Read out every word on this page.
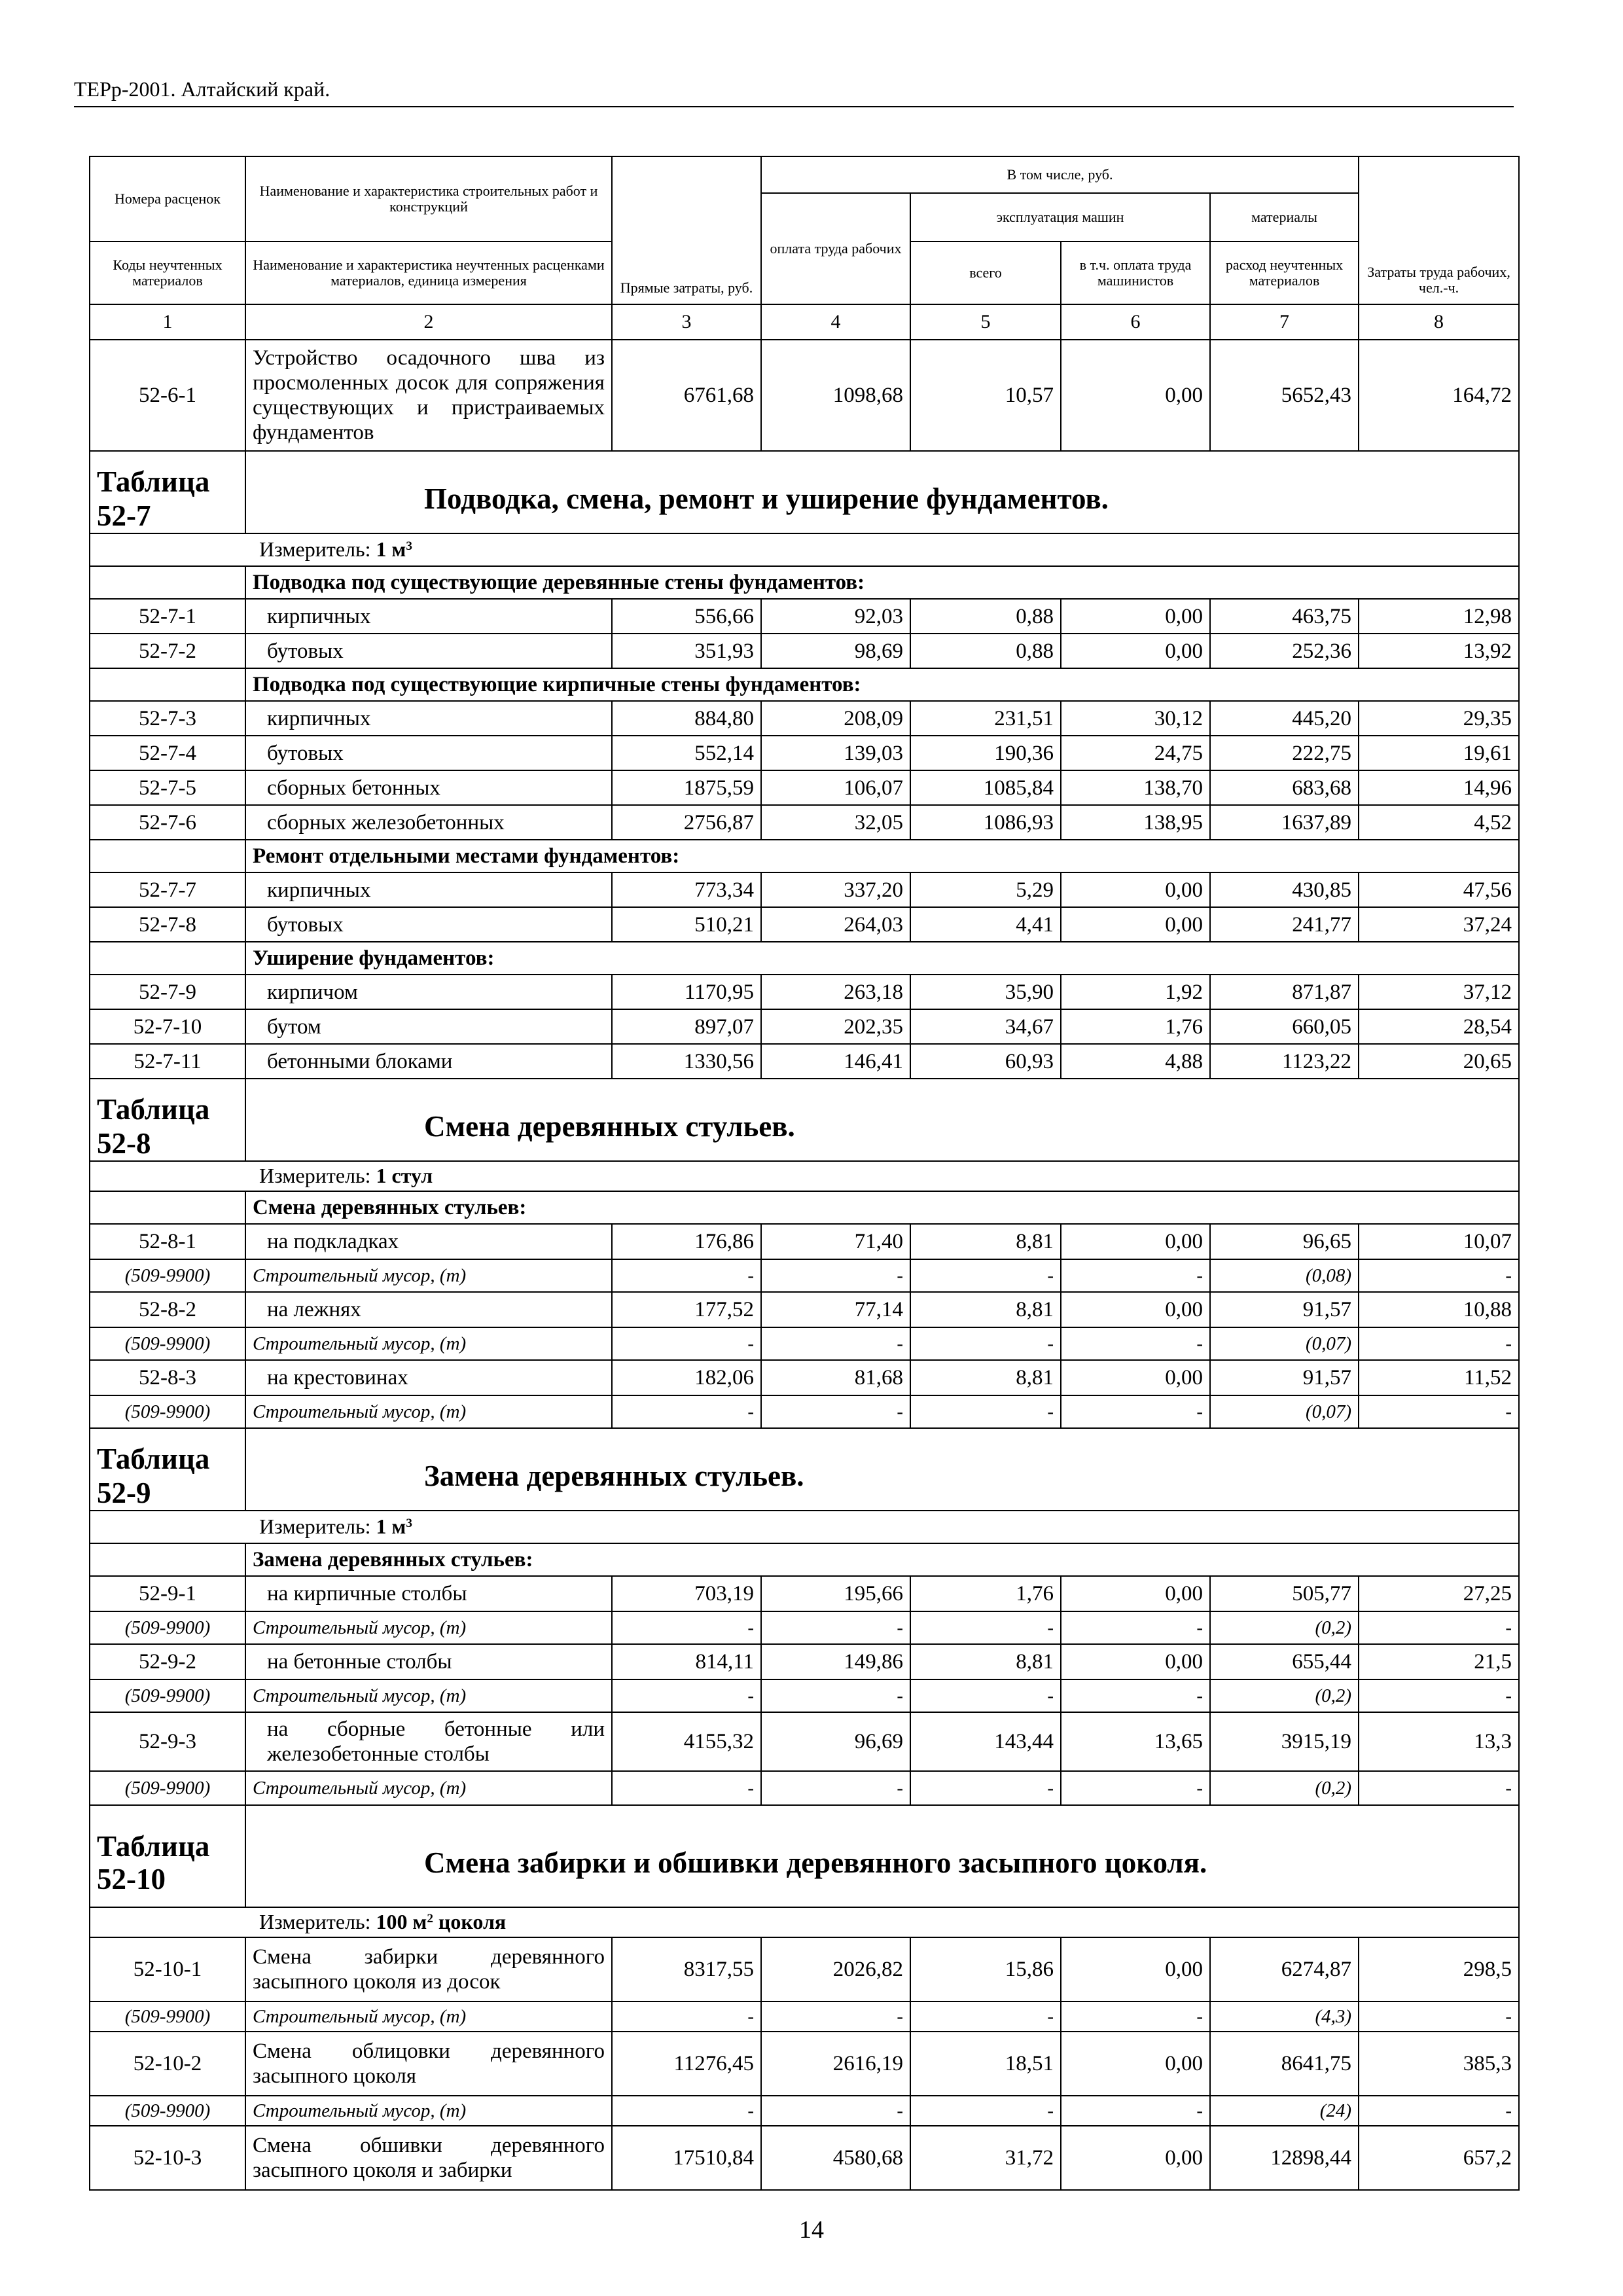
ТЕРр-2001. Алтайский край.
Номера расценок	Наименование и характеристика строительных работ и конструкций	Прямые затраты, руб.	В том числе, руб.				Затраты труда рабочих, чел.-ч.
			оплата труда рабочих	эксплуатация машин		материалы	
Коды неучтенных материалов	Наименование и характеристика неучтенных расценками материалов, единица измерения			всего	в т.ч. оплата труда машинистов	расход неучтенных материалов	
1	2	3	4	5	6	7	8
52-6-1	Устройство осадочного шва из просмоленных досок для сопряжения существующих и пристраиваемых фундаментов	6761,68	1098,68	10,57	0,00	5652,43	164,72
Таблица 52-7	Подводка, смена, ремонт и уширение фундаментов.						
Измеритель: 1 $м^3$
	Подводка под существующие деревянные стены фундаментов:						
52-7-1	кирпичных	556,66	92,03	0,88	0,00	463,75	12,98
52-7-2	бутовых	351,93	98,69	0,88	0,00	252,36	13,92
	Подводка под существующие кирпичные стены фундаментов:						
52-7-3	кирпичных	884,80	208,09	231,51	30,12	445,20	29,35
52-7-4	бутовых	552,14	139,03	190,36	24,75	222,75	19,61
52-7-5	сборных бетонных	1875,59	106,07	1085,84	138,70	683,68	14,96
52-7-6	сборных железобетонных	2756,87	32,05	1086,93	138,95	1637,89	4,52
	Ремонт отдельными местами фундаментов:						
52-7-7	кирпичных	773,34	337,20	5,29	0,00	430,85	47,56
52-7-8	бутовых	510,21	264,03	4,41	0,00	241,77	37,24
	Уширение фундаментов:						
52-7-9	кирпичом	1170,95	263,18	35,90	1,92	871,87	37,12
52-7-10	бутом	897,07	202,35	34,67	1,76	660,05	28,54
52-7-11	бетонными блоками	1330,56	146,41	60,93	4,88	1123,22	20,65
Таблица 52-8	Смена деревянных стульев.						
Измеритель: 1 стул							
	Смена деревянных стульев:						
52-8-1	на подкладках	176,86	71,40	8,81	0,00	96,65	10,07
(509-9900)	Строительный мусор, (т)	-	-	-	-	(0,08)	-
52-8-2	на лежнях	177,52	77,14	8,81	0,00	91,57	10,88
(509-9900)	Строительный мусор, (т)	-	-	-	-	(0,07)	-
52-8-3	на крестовинах	182,06	81,68	8,81	0,00	91,57	11,52
(509-9900)	Строительный мусор, (т)	-	-	-	-	(0,07)	-
Таблица 52-9	Замена деревянных стульев.						
Измеритель: 1 $м^3$
	Замена деревянных стульев:						
52-9-1	на кирпичные столбы	703,19	195,66	1,76	0,00	505,77	27,25
(509-9900)	Строительный мусор, (т)	-	-	-	-	(0,2)	-
52-9-2	на бетонные столбы	814,11	149,86	8,81	0,00	655,44	21,5
(509-9900)	Строительный мусор, (т)	-	-	-	-	(0,2)	-
52-9-3	на сборные бетонные или железобетонные столбы	4155,32	96,69	143,44	13,65	3915,19	13,3
(509-9900)	Строительный мусор, (т)	-	-	-	-	(0,2)	-
Таблица 52-10	Смена забирки и обшивки деревянного засыпного цоколя.						
Измеритель: 100 $м^2$ цоколя							
52-10-1	Смена забирки деревянного засыпного цоколя из досок	8317,55	2026,82	15,86	0,00	6274,87	298,5
(509-9900)	Строительный мусор, (т)	-	-	-	-	(4,3)	-
52-10-2	Смена облицовки деревянного засыпного цоколя	11276,45	2616,19	18,51	0,00	8641,75	385,3
(509-9900)	Строительный мусор, (т)	-	-	-	-	(24)	-
52-10-3	Смена обшивки деревянного засыпного цоколя и забирки	17510,84	4580,68	31,72	0,00	12898,44	657,2
14
